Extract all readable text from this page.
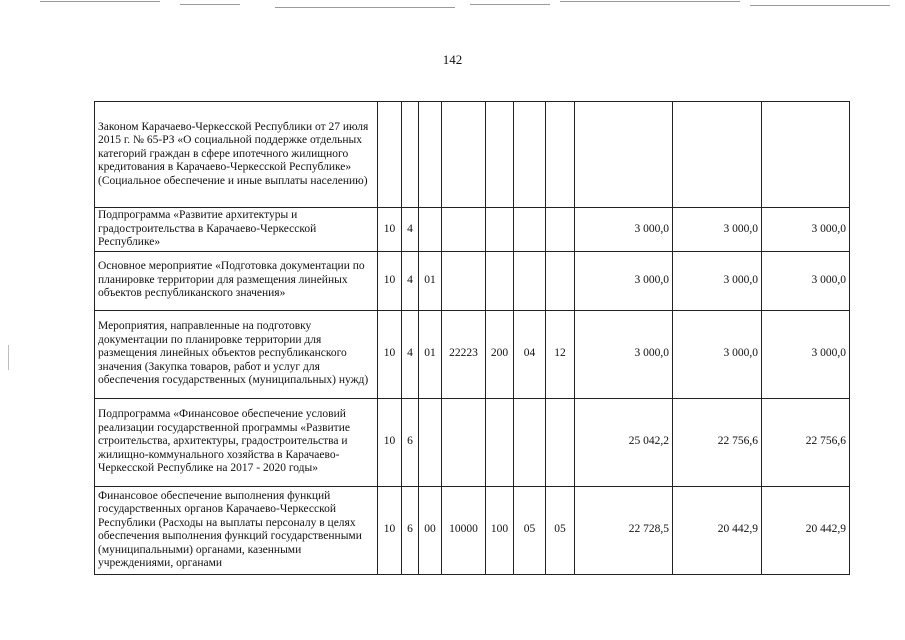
142
Законом Карачаево-Черкесской Республики от 27 июля 2015 г. № 65-РЗ «О социальной поддержке отдельных категорий граждан в сфере ипотечного жилищного кредитования в Карачаево-Черкесской Республике» (Социальное обеспечение и иные выплаты населению)										
Подпрограмма «Развитие архитектуры и градостроительства в Карачаево-Черкесской Республике»	10	4						3 000,0	3 000,0	3 000,0
Основное мероприятие «Подготовка документации по планировке территории для размещения линейных объектов республиканского значения»	10	4	01					3 000,0	3 000,0	3 000,0
Мероприятия, направленные на подготовку документации по планировке территории для размещения линейных объектов республиканского значения (Закупка товаров, работ и услуг для обеспечения государственных (муниципальных) нужд)	10	4	01	22223	200	04	12	3 000,0	3 000,0	3 000,0
Подпрограмма «Финансовое обеспечение условий реализации государственной программы «Развитие строительства, архитектуры, градостроительства и жилищно-коммунального хозяйства в Карачаево-Черкесской Республике на 2017 - 2020 годы»	10	6						25 042,2	22 756,6	22 756,6
Финансовое обеспечение выполнения функций государственных органов Карачаево-Черкесской Республики (Расходы на выплаты персоналу в целях обеспечения выполнения функций государственными (муниципальными) органами, казенными учреждениями, органами	10	6	00	10000	100	05	05	22 728,5	20 442,9	20 442,9
